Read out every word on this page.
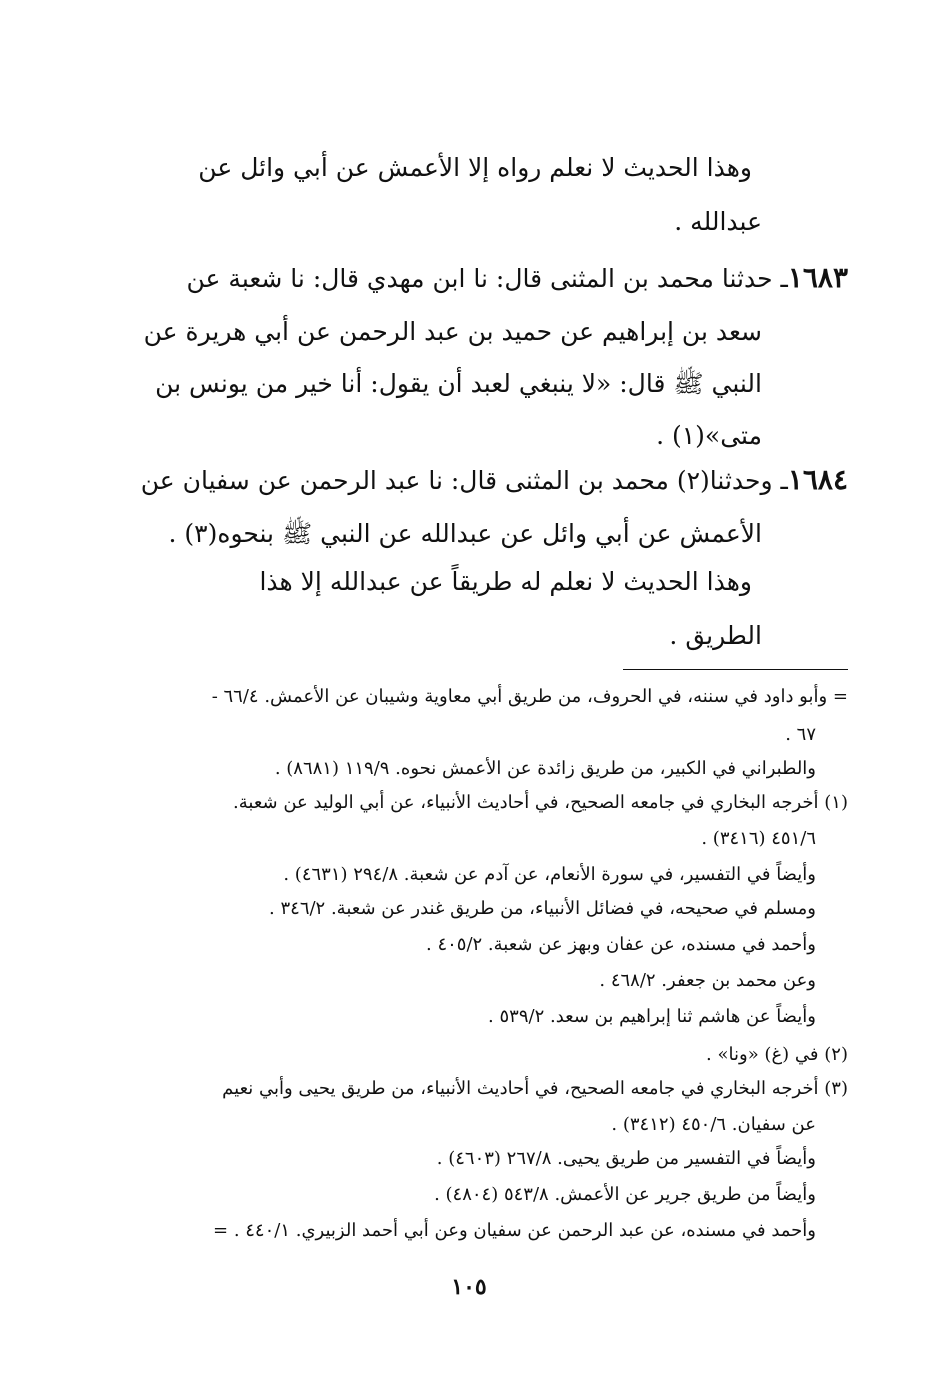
وهذا الحديث لا نعلم رواه إلا الأعمش عن أبي وائل عن
عبدالله .
١٦٨٣ـ حدثنا محمد بن المثنى قال: نا ابن مهدي قال: نا شعبة عن
سعد بن إبراهيم عن حميد بن عبد الرحمن عن أبي هريرة عن
النبي ﷺ قال: «لا ينبغي لعبد أن يقول: أنا خير من يونس بن
متى»(١) .
١٦٨٤ـ وحدثنا(٢) محمد بن المثنى قال: نا عبد الرحمن عن سفيان عن
الأعمش عن أبي وائل عن عبدالله عن النبي ﷺ بنحوه(٣) .
وهذا الحديث لا نعلم له طريقاً عن عبدالله إلا هذا
الطريق .
= وأبو داود في سننه، في الحروف، من طريق أبي معاوية وشيبان عن الأعمش. ٦٦/٤ -
٦٧ .
والطبراني في الكبير، من طريق زائدة عن الأعمش نحوه. ١١٩/٩ (٨٦٨١) .
(١) أخرجه البخاري في جامعه الصحيح، في أحاديث الأنبياء، عن أبي الوليد عن شعبة.
٤٥١/٦ (٣٤١٦) .
وأيضاً في التفسير، في سورة الأنعام، عن آدم عن شعبة. ٢٩٤/٨ (٤٦٣١) .
ومسلم في صحيحه، في فضائل الأنبياء، من طريق غندر عن شعبة. ٣٤٦/٢ .
وأحمد في مسنده، عن عفان وبهز عن شعبة. ٤٠٥/٢ .
وعن محمد بن جعفر. ٤٦٨/٢ .
وأيضاً عن هاشم ثنا إبراهيم بن سعد. ٥٣٩/٢ .
(٢) في (غ) «ونا» .
(٣) أخرجه البخاري في جامعه الصحيح، في أحاديث الأنبياء، من طريق يحيى وأبي نعيم
عن سفيان. ٤٥٠/٦ (٣٤١٢) .
وأيضاً في التفسير من طريق يحيى. ٢٦٧/٨ (٤٦٠٣) .
وأيضاً من طريق جرير عن الأعمش. ٥٤٣/٨ (٤٨٠٤) .
وأحمد في مسنده، عن عبد الرحمن عن سفيان وعن أبي أحمد الزبيري. ٤٤٠/١ . =
١٠٥
